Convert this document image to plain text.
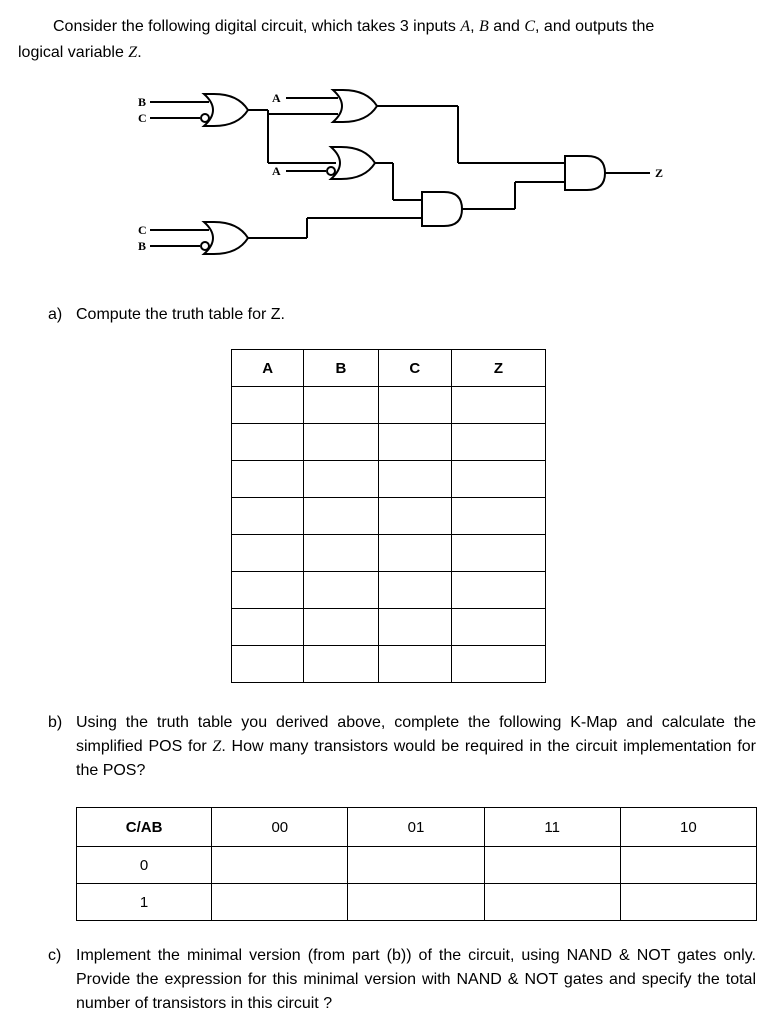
Consider the following digital circuit, which takes 3 inputs A, B and C, and outputs the
logical variable Z.
B
C
A
A
C
B
Z
a) Compute the truth table for Z.
A	B	C	Z

b) Using the truth table you derived above, complete the following K-Map and calculate the simplified POS for Z. How many transistors would be required in the circuit implementation for the POS?
C/AB	00	01	11	10
0				
1				
c) Implement the minimal version (from part (b)) of the circuit, using NAND & NOT gates only. Provide the expression for this minimal version with NAND & NOT gates and specify the total number of transistors in this circuit ?
